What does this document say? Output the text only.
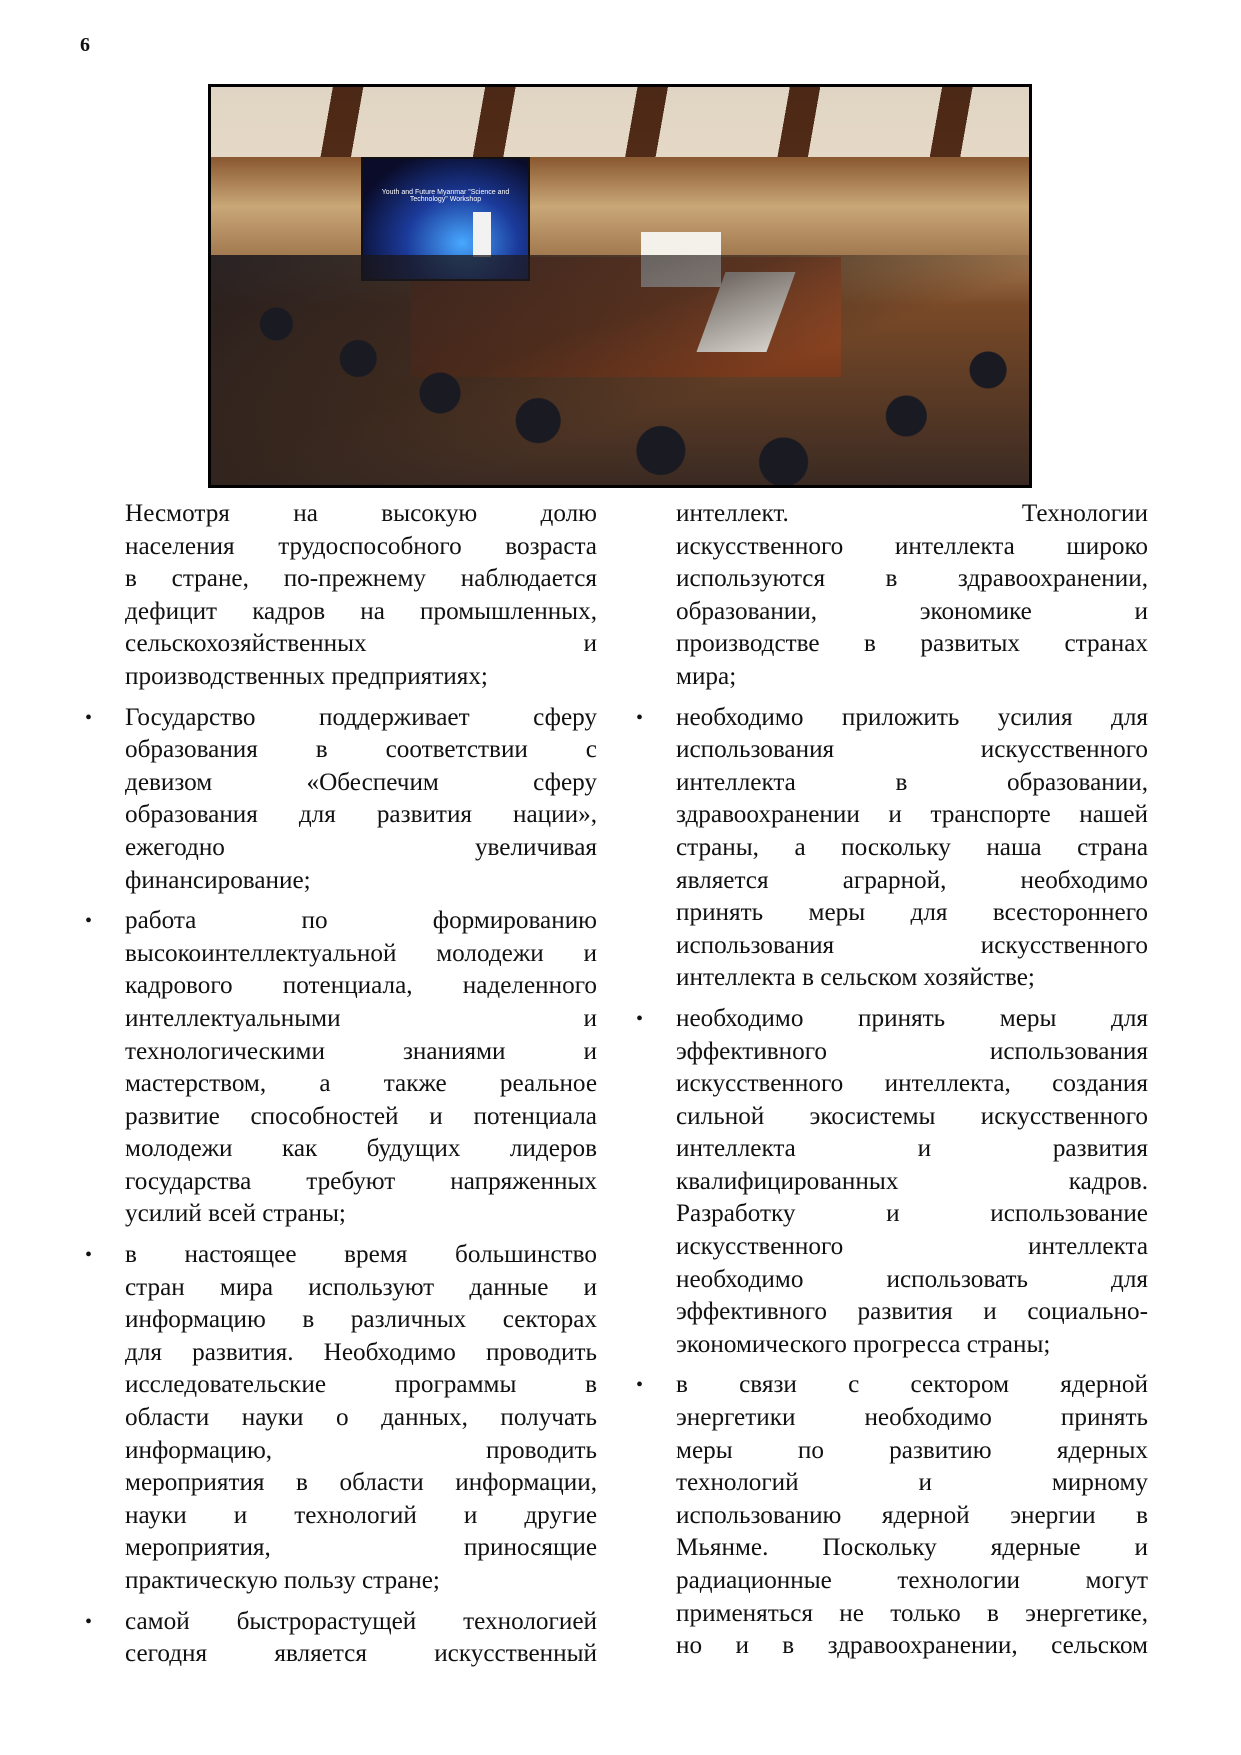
6
Youth and Future Myanmar "Science and Technology" Workshop
Несмотря на высокую долю
населения трудоспособного возраста
в стране, по-прежнему наблюдается
дефицит кадров на промышленных,
сельскохозяйственных и
производственных предприятиях;
• Государство поддерживает сферу
образования в соответствии с
девизом «Обеспечим сферу
образования для развития нации»,
ежегодно увеличивая
финансирование;
• работа по формированию
высокоинтеллектуальной молодежи и
кадрового потенциала, наделенного
интеллектуальными и
технологическими знаниями и
мастерством, а также реальное
развитие способностей и потенциала
молодежи как будущих лидеров
государства требуют напряженных
усилий всей страны;
• в настоящее время большинство
стран мира используют данные и
информацию в различных секторах
для развития. Необходимо проводить
исследовательские программы в
области науки о данных, получать
информацию, проводить
мероприятия в области информации,
науки и технологий и другие
мероприятия, приносящие
практическую пользу стране;
• самой быстрорастущей технологией
сегодня является искусственный
интеллект. Технологии
искусственного интеллекта широко
используются в здравоохранении,
образовании, экономике и
производстве в развитых странах
мира;
• необходимо приложить усилия для
использования искусственного
интеллекта в образовании,
здравоохранении и транспорте нашей
страны, а поскольку наша страна
является аграрной, необходимо
принять меры для всестороннего
использования искусственного
интеллекта в сельском хозяйстве;
• необходимо принять меры для
эффективного использования
искусственного интеллекта, создания
сильной экосистемы искусственного
интеллекта и развития
квалифицированных кадров.
Разработку и использование
искусственного интеллекта
необходимо использовать для
эффективного развития и социально-
экономического прогресса страны;
• в связи с сектором ядерной
энергетики необходимо принять
меры по развитию ядерных
технологий и мирному
использованию ядерной энергии в
Мьянме. Поскольку ядерные и
радиационные технологии могут
применяться не только в энергетике,
но и в здравоохранении, сельском
